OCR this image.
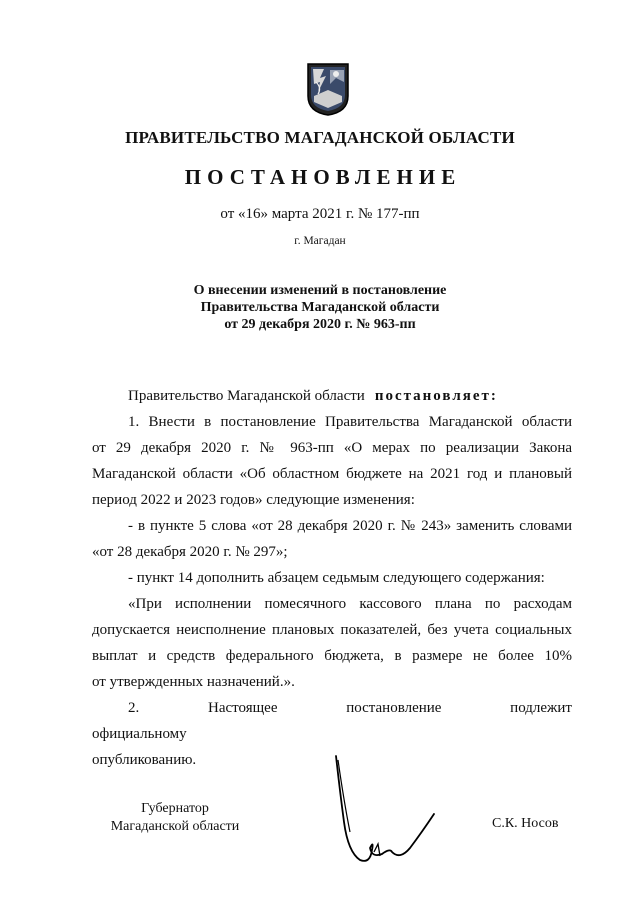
ПРАВИТЕЛЬСТВО МАГАДАНСКОЙ ОБЛАСТИ
ПОСТАНОВЛЕНИЕ
от «16» марта 2021 г. № 177-пп
г. Магадан
О внесении изменений в постановление
Правительства Магаданской области
от 29 декабря 2020 г. № 963-пп
Правительство Магаданской области постановляет:
1. Внести в постановление Правительства Магаданской области
от 29 декабря 2020 г. № 963-пп «О мерах по реализации Закона
Магаданской области «Об областном бюджете на 2021 год и плановый
период 2022 и 2023 годов» следующие изменения:
- в пункте 5 слова «от 28 декабря 2020 г. № 243» заменить словами
«от 28 декабря 2020 г. № 297»;
- пункт 14 дополнить абзацем седьмым следующего содержания:
«При исполнении помесячного кассового плана по расходам
допускается неисполнение плановых показателей, без учета социальных
выплат и средств федерального бюджета, в размере не более 10%
от утвержденных назначений.».
2. Настоящее постановление подлежит официальному
опубликованию.
Губернатор
Магаданской области	С.К. Носов
